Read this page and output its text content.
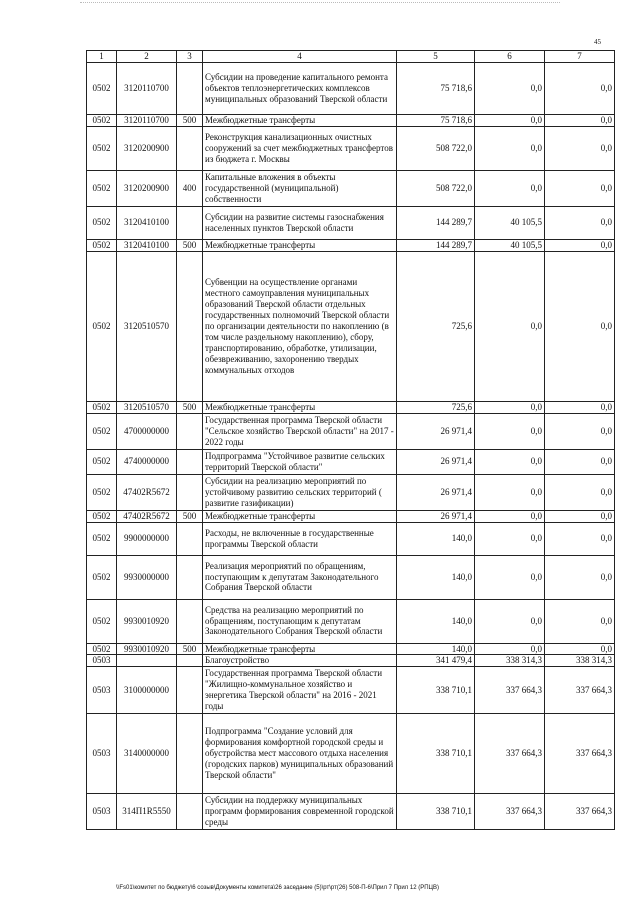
45
1	2	3	4	5	6	7
0502	3120110700		Субсидии на проведение капитального ремонта объектов теплоэнергетических комплексов муниципальных образований Тверской области	75 718,6	0,0	0,0
0502	3120110700	500	Межбюджетные трансферты	75 718,6	0,0	0,0
0502	3120200900		Реконструкция канализационных очистных сооружений за счет межбюджетных трансфертов из бюджета г. Москвы	508 722,0	0,0	0,0
0502	3120200900	400	Капитальные вложения в объекты государственной (муниципальной) собственности	508 722,0	0,0	0,0
0502	3120410100		Субсидии на развитие системы газоснабжения населенных пунктов Тверской области	144 289,7	40 105,5	0,0
0502	3120410100	500	Межбюджетные трансферты	144 289,7	40 105,5	0,0
0502	3120510570		Субвенции на осуществление органами местного самоуправления муниципальных образований Тверской области отдельных государственных полномочий Тверской области по организации деятельности по накоплению (в том числе раздельному накоплению), сбору, транспортированию, обработке, утилизации, обезвреживанию, захоронению твердых коммунальных отходов	725,6	0,0	0,0
0502	3120510570	500	Межбюджетные трансферты	725,6	0,0	0,0
0502	4700000000		Государственная программа Тверской области "Сельское хозяйство Тверской области" на 2017 - 2022 годы	26 971,4	0,0	0,0
0502	4740000000		Подпрограмма "Устойчивое развитие сельских территорий Тверской области"	26 971,4	0,0	0,0
0502	47402R5672		Субсидии на реализацию мероприятий по устойчивому развитию сельских территорий ( развитие газификации)	26 971,4	0,0	0,0
0502	47402R5672	500	Межбюджетные трансферты	26 971,4	0,0	0,0
0502	9900000000		Расходы, не включенные в государственные программы Тверской области	140,0	0,0	0,0
0502	9930000000		Реализация мероприятий по обращениям, поступающим к депутатам Законодательного Собрания Тверской области	140,0	0,0	0,0
0502	9930010920		Средства на реализацию мероприятий по обращениям, поступающим к депутатам Законодательного Собрания Тверской области	140,0	0,0	0,0
0502	9930010920	500	Межбюджетные трансферты	140,0	0,0	0,0
0503			Благоустройство	341 479,4	338 314,3	338 314,3
0503	3100000000		Государственная программа Тверской области "Жилищно-коммунальное хозяйство и энергетика Тверской области" на 2016 - 2021 годы	338 710,1	337 664,3	337 664,3
0503	3140000000		Подпрограмма "Создание условий для формирования комфортной городской среды и обустройства мест массового отдыха населения (городских парков) муниципальных образований Тверской области"	338 710,1	337 664,3	337 664,3
0503	314П1R5550		Субсидии на поддержку муниципальных программ формирования современной городской среды	338 710,1	337 664,3	337 664,3
\\Fs01\комитет по бюджету\6 созыв\Документы комитета\26 заседание (5)\рт\рт(26) 508-П-6\Прил 7 Прил 12 (РПЦВ)
